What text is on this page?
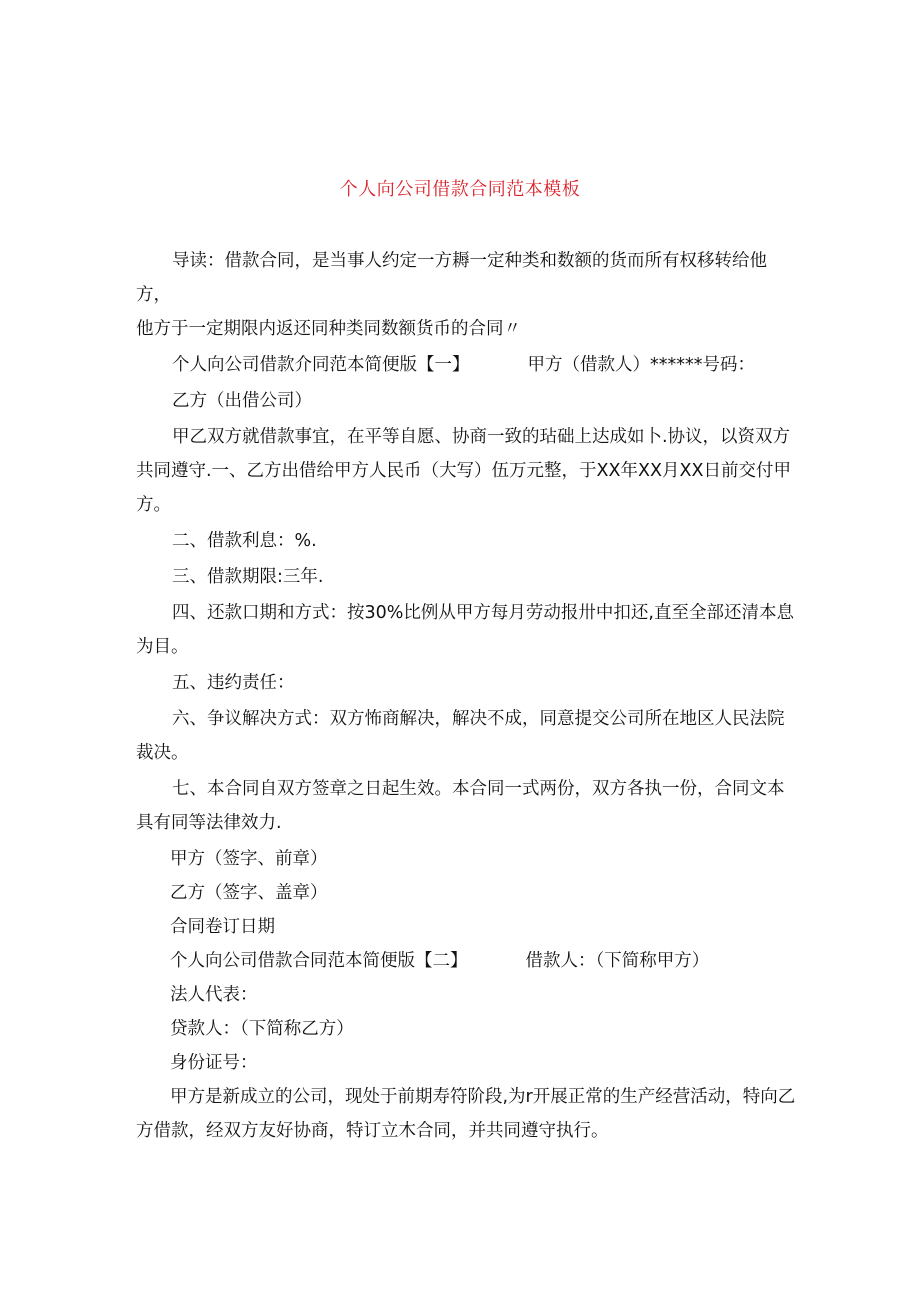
个人向公司借款合同范本模板

导读：借款合同，是当事人约定一方耨一定种类和数额的货而所有权移转给他方，

他方于一定期限内返还同种类同数额货币的合同〃

个人向公司借款介同范本简便版【一】	甲方（借款人）******号码：

乙方（出借公司）

甲乙双方就借款事宜，在平等自愿、协商一致的玷础上达成如卜.协议，以资双方共同遵守.一、乙方出借给甲方人民币（大写）伍万元整，于XX年XX月XX日前交付甲方。

二、借款利息：%.

三、借款期限:三年.

四、还款口期和方式：按30%比例从甲方每月劳动报卅中扣还,直至全部还清本息为目。

五、违约责任：

六、争议解决方式：双方怖商解决，解决不成，同意提交公司所在地区人民法院裁决。

七、本合同自双方签章之日起生效。本合同一式两份，双方各执一份，合同文本具有同等法律效力.

甲方（签字、前章）

乙方（签字、盖章）

合同卷订日期

个人向公司借款合同范本简便版【二】	借款人：（下简称甲方）

法人代表：

贷款人：（下简称乙方）

身份证号：

甲方是新成立的公司，现处于前期寿符阶段,为r开展正常的生产经营活动，特向乙方借款，经双方友好协商，特订立木合同，并共同遵守执行。
